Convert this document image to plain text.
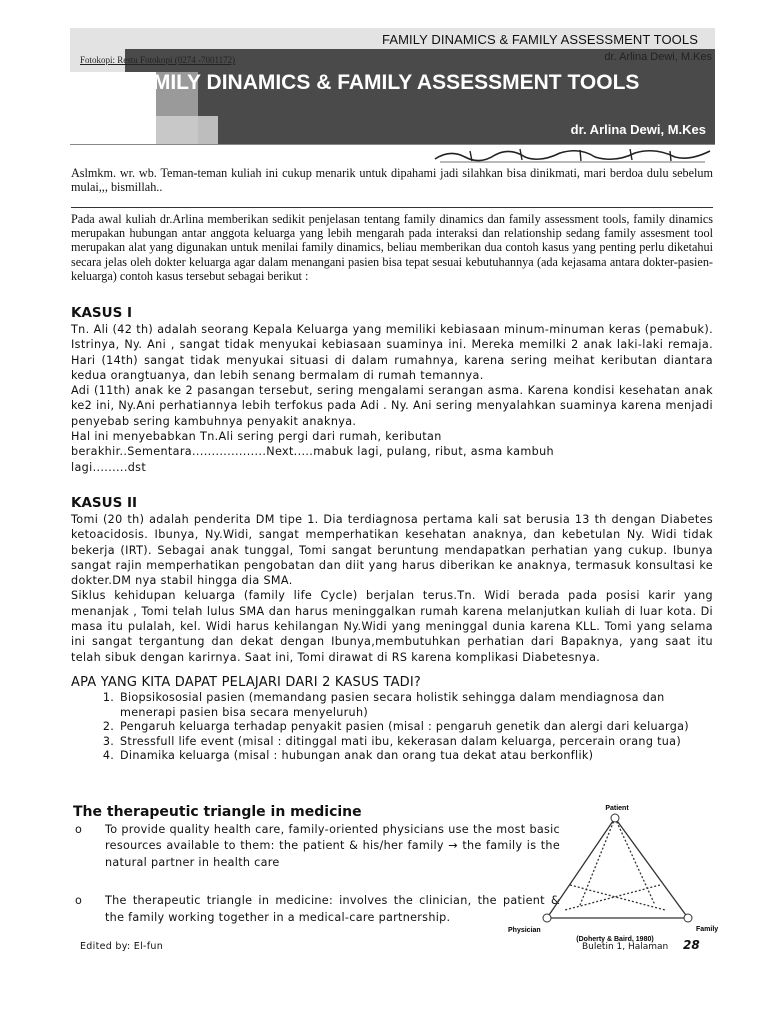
FAMILY DINAMICS & FAMILY ASSESSMENT TOOLS
dr. Arlina Dewi, M.Kes
Fotokopi: Restu Fotokopi (0274 -7001172)
FAMILY DINAMICS & FAMILY ASSESSMENT TOOLS
dr. Arlina Dewi, M.Kes
Aslmkm. wr. wb. Teman-teman kuliah ini cukup menarik untuk dipahami jadi silahkan bisa dinikmati, mari berdoa dulu sebelum mulai,,, bismillah..
Pada awal kuliah dr.Arlina memberikan sedikit penjelasan tentang family dinamics dan family assessment tools, family dinamics merupakan hubungan antar anggota keluarga yang lebih mengarah pada interaksi dan relationship sedang family assesment tool merupakan alat yang digunakan untuk menilai family dinamics, beliau memberikan dua contoh kasus yang penting perlu diketahui secara jelas oleh dokter keluarga agar dalam menangani pasien bisa tepat sesuai kebutuhannya (ada kejasama antara dokter-pasien-keluarga) contoh kasus tersebut sebagai berikut :
KASUS I
Tn. Ali (42 th) adalah seorang Kepala Keluarga yang memiliki kebiasaan minum-minuman keras (pemabuk). Istrinya, Ny. Ani , sangat tidak menyukai kebiasaan suaminya ini. Mereka memilki 2 anak laki-laki remaja. Hari (14th) sangat tidak menyukai situasi di dalam rumahnya, karena sering meihat keributan diantara kedua orangtuanya, dan lebih senang bermalam di rumah temannya.
Adi (11th) anak ke 2 pasangan tersebut, sering mengalami serangan asma. Karena kondisi kesehatan anak ke2 ini, Ny.Ani perhatiannya lebih terfokus pada Adi . Ny. Ani sering menyalahkan suaminya karena menjadi penyebab sering kambuhnya penyakit anaknya.
Hal ini menyebabkan Tn.Ali sering pergi dari rumah, keributan berakhir..Sementara...................Next.....mabuk lagi, pulang, ribut, asma kambuh lagi.........dst
KASUS II
Tomi (20 th) adalah penderita DM tipe 1. Dia terdiagnosa pertama kali sat berusia 13 th dengan Diabetes ketoacidosis. Ibunya, Ny.Widi, sangat memperhatikan kesehatan anaknya, dan kebetulan Ny. Widi tidak bekerja (IRT). Sebagai anak tunggal, Tomi sangat beruntung mendapatkan perhatian yang cukup. Ibunya sangat rajin memperhatikan pengobatan dan diit yang harus diberikan ke anaknya, termasuk konsultasi ke dokter.DM nya stabil hingga dia SMA.
Siklus kehidupan keluarga (family life Cycle) berjalan terus.Tn. Widi berada pada posisi karir yang menanjak , Tomi telah lulus SMA dan harus meninggalkan rumah karena melanjutkan kuliah di luar kota. Di masa itu pulalah, kel. Widi harus kehilangan Ny.Widi yang meninggal dunia karena KLL. Tomi yang selama ini sangat tergantung dan dekat dengan Ibunya,membutuhkan perhatian dari Bapaknya, yang saat itu telah sibuk dengan karirnya. Saat ini, Tomi dirawat di RS karena komplikasi Diabetesnya.
APA YANG KITA DAPAT PELAJARI DARI 2 KASUS TADI?
1. Biopsikososial pasien (memandang pasien secara holistik sehingga dalam mendiagnosa dan menerapi pasien bisa secara menyeluruh)
2. Pengaruh keluarga terhadap penyakit pasien (misal : pengaruh genetik dan alergi dari keluarga)
3. Stressfull life event (misal : ditinggal mati ibu, kekerasan dalam keluarga, percerain orang tua)
4. Dinamika keluarga (misal : hubungan anak dan orang tua dekat atau berkonflik)
The therapeutic triangle in medicine
o	To provide quality health care, family-oriented physicians use the most basic resources available to them: the patient & his/her family → the family is the natural partner in health care
o	The therapeutic triangle in medicine: involves the clinician, the patient & the family working together in a medical-care partnership.
Patient
Physician	Family
(Doherty & Baird, 1980)
Edited by: El-fun	Buletin 1, Halaman 28
